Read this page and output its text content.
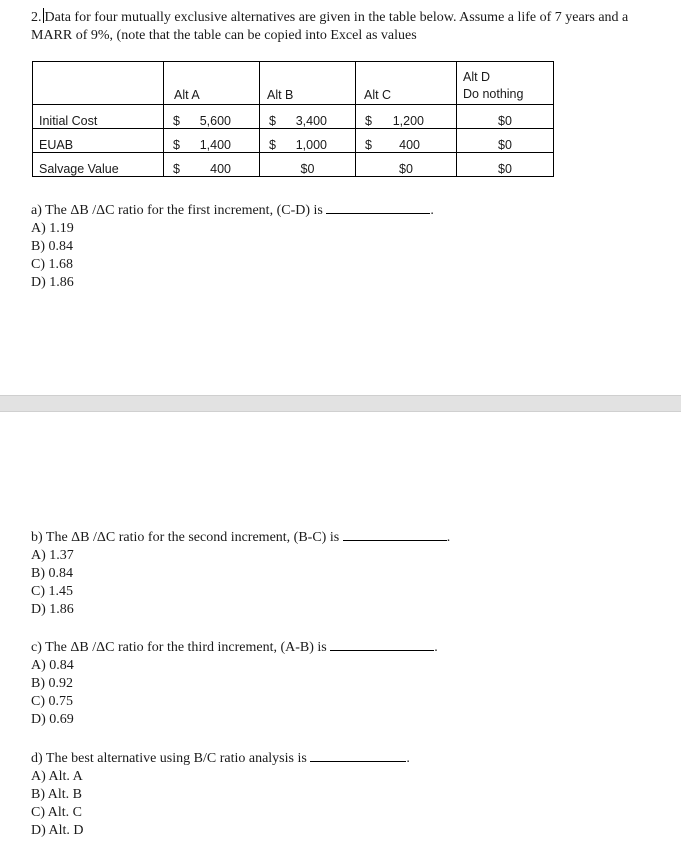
2. Data for four mutually exclusive alternatives are given in the table below. Assume a life of 7 years and a MARR of 9%, (note that the table can be copied into Excel as values
	Alt A	Alt B	Alt C	Alt D
Do nothing
Initial Cost	$ 5,600	$ 3,400	$ 1,200	$0
EUAB	$ 1,400	$ 1,000	$ 400	$0
Salvage Value	$ 400	$0	$0	$0
a) The ΔB /ΔC ratio for the first increment, (C-D) is	.
A) 1.19
B) 0.84
C) 1.68
D) 1.86
b) The ΔB /ΔC ratio for the second increment, (B-C) is	.
A) 1.37
B) 0.84
C) 1.45
D) 1.86
c) The ΔB /ΔC ratio for the third increment, (A-B) is	.
A) 0.84
B) 0.92
C) 0.75
D) 0.69
d) The best alternative using B/C ratio analysis is	.
A) Alt. A
B) Alt. B
C) Alt. C
D) Alt. D
